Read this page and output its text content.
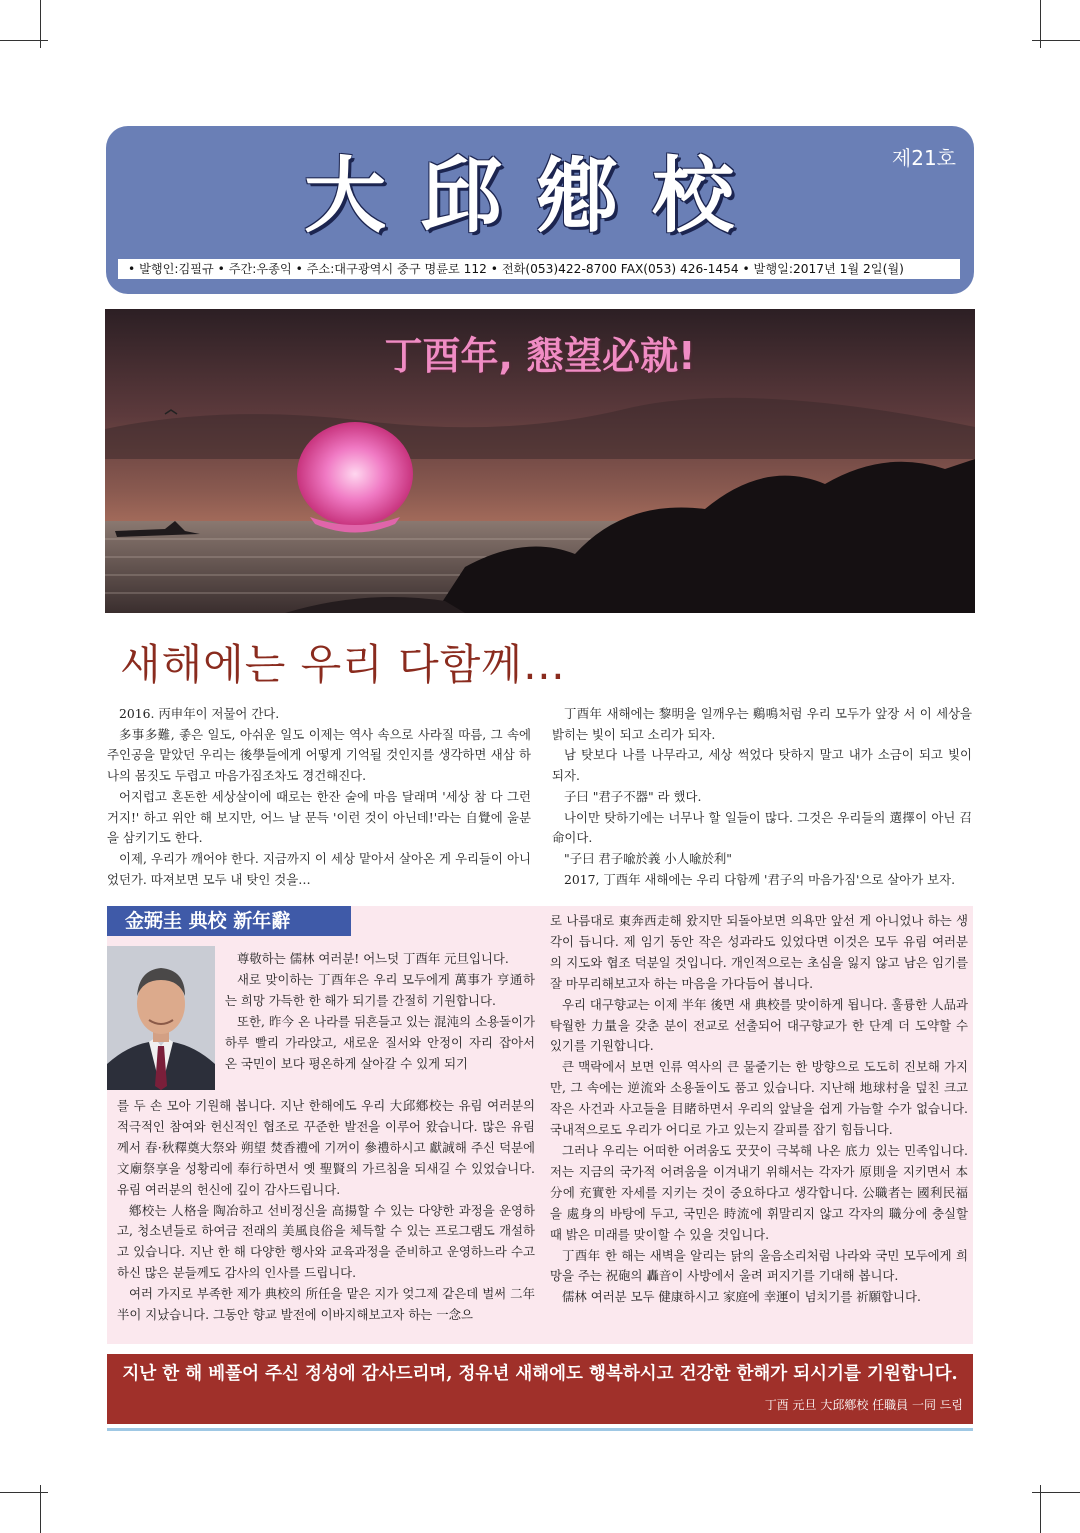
大邱鄕校	제21호
• 발행인:김필규 • 주간:우종익 • 주소:대구광역시 중구 명륜로 112 • 전화(053)422-8700 FAX(053) 426-1454 • 발행일:2017년 1월 2일(월)
丁酉年, 懇望必就!
새해에는 우리 다함께…

2016. 丙申年이 저물어 간다.

多事多難, 좋은 일도, 아쉬운 일도 이제는 역사 속으로 사라질 따름, 그 속에 주인공을 맡았던 우리는 後學들에게 어떻게 기억될 것인지를 생각하면 새삼 하나의 몸짓도 두렵고 마음가짐조차도 경건해진다.

어지럽고 혼돈한 세상살이에 때로는 한잔 술에 마음 달래며 '세상 참 다 그런거지!' 하고 위안 해 보지만, 어느 날 문득 '이런 것이 아닌데!'라는 自覺에 울분을 삼키기도 한다.

이제, 우리가 깨어야 한다. 지금까지 이 세상 맡아서 살아온 게 우리들이 아니었던가. 따져보면 모두 내 탓인 것을…

丁酉年 새해에는 黎明을 일깨우는 鷄鳴처럼 우리 모두가 앞장 서 이 세상을 밝히는 빛이 되고 소리가 되자.

남 탓보다 나를 나무라고, 세상 썩었다 탓하지 말고 내가 소금이 되고 빛이 되자.

子曰 "君子不器" 라 했다.

나이만 탓하기에는 너무나 할 일들이 많다. 그것은 우리들의 選擇이 아닌 召命이다.

"子曰 君子喩於義 小人喩於利"

2017, 丁酉年 새해에는 우리 다함께 '君子의 마음가짐'으로 살아가 보자.

金弼圭 典校 新年辭

尊敬하는 儒林 여러분! 어느덧 丁酉年 元旦입니다.

새로 맞이하는 丁酉年은 우리 모두에게 萬事가 亨通하는 희망 가득한 한 해가 되기를 간절히 기원합니다.

또한, 昨今 온 나라를 뒤흔들고 있는 混沌의 소용돌이가 하루 빨리 가라앉고, 새로운 질서와 안정이 자리 잡아서 온 국민이 보다 평온하게 살아갈 수 있게 되기

를 두 손 모아 기원해 봅니다. 지난 한해에도 우리 大邱鄕校는 유림 여러분의 적극적인 참여와 헌신적인 협조로 꾸준한 발전을 이루어 왔습니다. 많은 유림께서 春·秋釋奠大祭와 朔望 焚香禮에 기꺼이 參禮하시고 獻誠해 주신 덕분에 文廟祭享을 성황리에 奉行하면서 옛 聖賢의 가르침을 되새길 수 있었습니다. 유림 여러분의 헌신에 깊이 감사드립니다.

鄕校는 人格을 陶冶하고 선비정신을 高揚할 수 있는 다양한 과정을 운영하고, 청소년들로 하여금 전래의 美風良俗을 체득할 수 있는 프로그램도 개설하고 있습니다. 지난 한 해 다양한 행사와 교육과정을 준비하고 운영하느라 수고하신 많은 분들께도 감사의 인사를 드립니다.

여러 가지로 부족한 제가 典校의 所任을 맡은 지가 엊그제 같은데 벌써 二年 半이 지났습니다. 그동안 향교 발전에 이바지해보고자 하는 一念으

로 나름대로 東奔西走해 왔지만 되돌아보면 의욕만 앞선 게 아니었나 하는 생각이 듭니다. 제 임기 동안 작은 성과라도 있었다면 이것은 모두 유림 여러분의 지도와 협조 덕분일 것입니다. 개인적으로는 초심을 잃지 않고 남은 임기를 잘 마무리해보고자 하는 마음을 가다듬어 봅니다.

우리 대구향교는 이제 半年 後면 새 典校를 맞이하게 됩니다. 훌륭한 人品과 탁월한 力量을 갖춘 분이 전교로 선출되어 대구향교가 한 단계 더 도약할 수 있기를 기원합니다.

큰 맥락에서 보면 인류 역사의 큰 물줄기는 한 방향으로 도도히 진보해 가지만, 그 속에는 逆流와 소용돌이도 품고 있습니다. 지난해 地球村을 덮친 크고 작은 사건과 사고들을 目睹하면서 우리의 앞날을 쉽게 가늠할 수가 없습니다. 국내적으로도 우리가 어디로 가고 있는지 갈피를 잡기 힘듭니다.

그러나 우리는 어떠한 어려움도 꿋꿋이 극복해 나온 底力 있는 민족입니다. 저는 지금의 국가적 어려움을 이겨내기 위해서는 각자가 原則을 지키면서 本分에 充實한 자세를 지키는 것이 중요하다고 생각합니다. 公職者는 國利民福을 處身의 바탕에 두고, 국민은 時流에 휘말리지 않고 각자의 職分에 충실할 때 밝은 미래를 맞이할 수 있을 것입니다.

丁酉年 한 해는 새벽을 알리는 닭의 울음소리처럼 나라와 국민 모두에게 희망을 주는 祝砲의 轟音이 사방에서 울려 퍼지기를 기대해 봅니다.

儒林 여러분 모두 健康하시고 家庭에 幸運이 넘치기를 祈願합니다.

지난 한 해 베풀어 주신 정성에 감사드리며, 정유년 새해에도 행복하시고 건강한 한해가 되시기를 기원합니다.
丁酉 元旦 大邱鄕校 任職員 一同 드림
